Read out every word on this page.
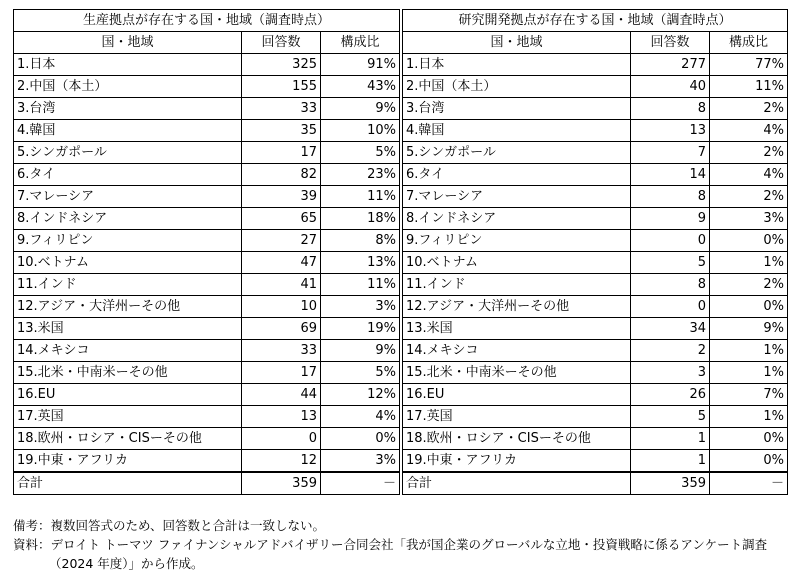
生産拠点が存在する国・地域（調査時点）		
国・地域	回答数	構成比
1.日本	325	91%
2.中国（本土）	155	43%
3.台湾	33	9%
4.韓国	35	10%
5.シンガポール	17	5%
6.タイ	82	23%
7.マレーシア	39	11%
8.インドネシア	65	18%
9.フィリピン	27	8%
10.ベトナム	47	13%
11.インド	41	11%
12.アジア・大洋州ーその他	10	3%
13.米国	69	19%
14.メキシコ	33	9%
15.北米・中南米ーその他	17	5%
16.EU	44	12%
17.英国	13	4%
18.欧州・ロシア・CISーその他	0	0%
19.中東・アフリカ	12	3%
合計	359	－
研究開発拠点が存在する国・地域（調査時点）		
国・地域	回答数	構成比
1.日本	277	77%
2.中国（本土）	40	11%
3.台湾	8	2%
4.韓国	13	4%
5.シンガポール	7	2%
6.タイ	14	4%
7.マレーシア	8	2%
8.インドネシア	9	3%
9.フィリピン	0	0%
10.ベトナム	5	1%
11.インド	8	2%
12.アジア・大洋州ーその他	0	0%
13.米国	34	9%
14.メキシコ	2	1%
15.北米・中南米ーその他	3	1%
16.EU	26	7%
17.英国	5	1%
18.欧州・ロシア・CISーその他	1	0%
19.中東・アフリカ	1	0%
合計	359	－
備考：複数回答式のため、回答数と合計は一致しない。
資料：デロイト トーマツ ファイナンシャルアドバイザリー合同会社「我が国企業のグローバルな立地・投資戦略に係るアンケート調査
（2024 年度）」から作成。
